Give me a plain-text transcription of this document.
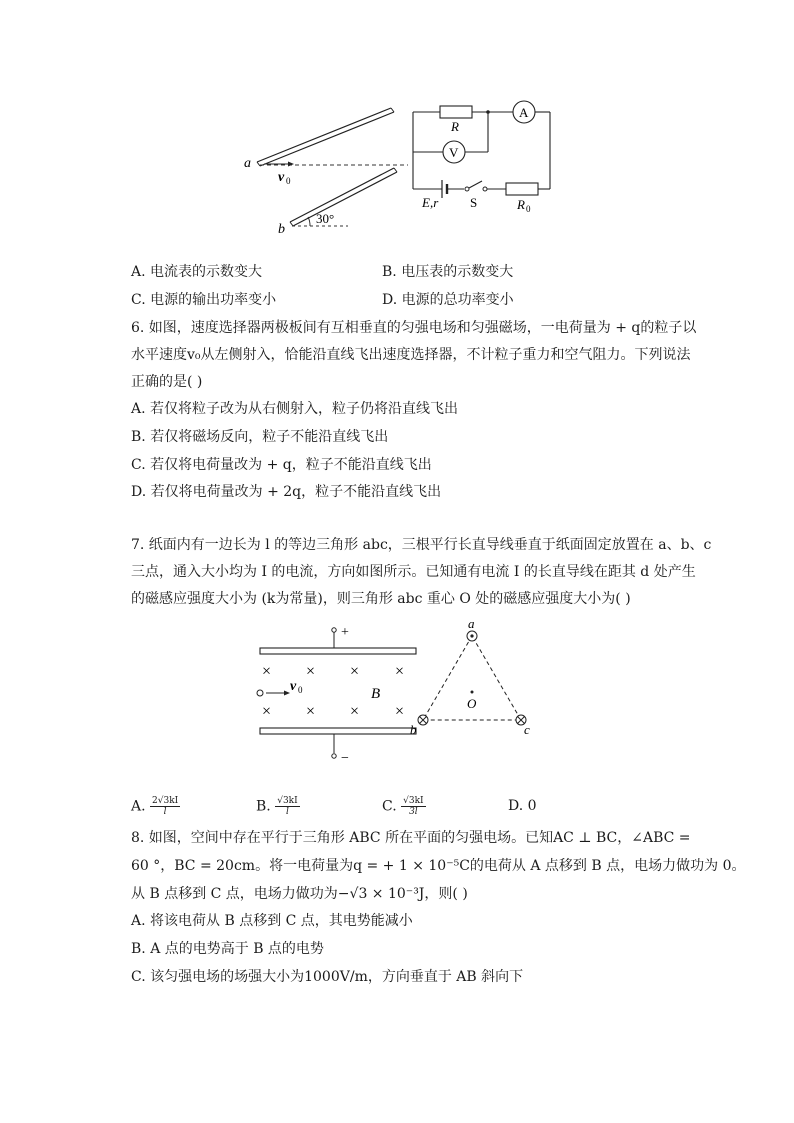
a
b
v 0
30°
R
A
V
E,r S	R 0
A. 电流表的示数变大	B. 电压表的示数变大
C. 电源的输出功率变小	D. 电源的总功率变小
6. 如图，速度选择器两极板间有互相垂直的匀强电场和匀强磁场，一电荷量为 + q的粒子以
水平速度v₀从左侧射入，恰能沿直线飞出速度选择器，不计粒子重力和空气阻力。下列说法
正确的是( )
A. 若仅将粒子改为从右侧射入，粒子仍将沿直线飞出
B. 若仅将磁场反向，粒子不能沿直线飞出
C. 若仅将电荷量改为 + q，粒子不能沿直线飞出
D. 若仅将电荷量改为 + 2q，粒子不能沿直线飞出
7. 纸面内有一边长为 l 的等边三角形 abc，三根平行长直导线垂直于纸面固定放置在 a、b、c
三点，通入大小均为 I 的电流，方向如图所示。已知通有电流 I 的长直导线在距其 d 处产生
的磁感应强度大小为 (k为常量)，则三角形 abc 重心 O 处的磁感应强度大小为( )
+
−
× × × ×
× × × ×
v 0	B
a
b	c
O
A. $\frac{2√3kI}{l}$	B. $\frac{√3kI}{l}$	C. $\frac{√3kI}{3l}$	D. 0
8. 如图，空间中存在平行于三角形 ABC 所在平面的匀强电场。已知AC ⊥ BC，∠ABC =
60 °，BC = 20cm。将一电荷量为q = + 1 × 10⁻⁵C的电荷从 A 点移到 B 点，电场力做功为 0。
从 B 点移到 C 点，电场力做功为−√3 × 10⁻³J，则( )
A. 将该电荷从 B 点移到 C 点，其电势能减小
B. A 点的电势高于 B 点的电势
C. 该匀强电场的场强大小为1000V/m，方向垂直于 AB 斜向下
